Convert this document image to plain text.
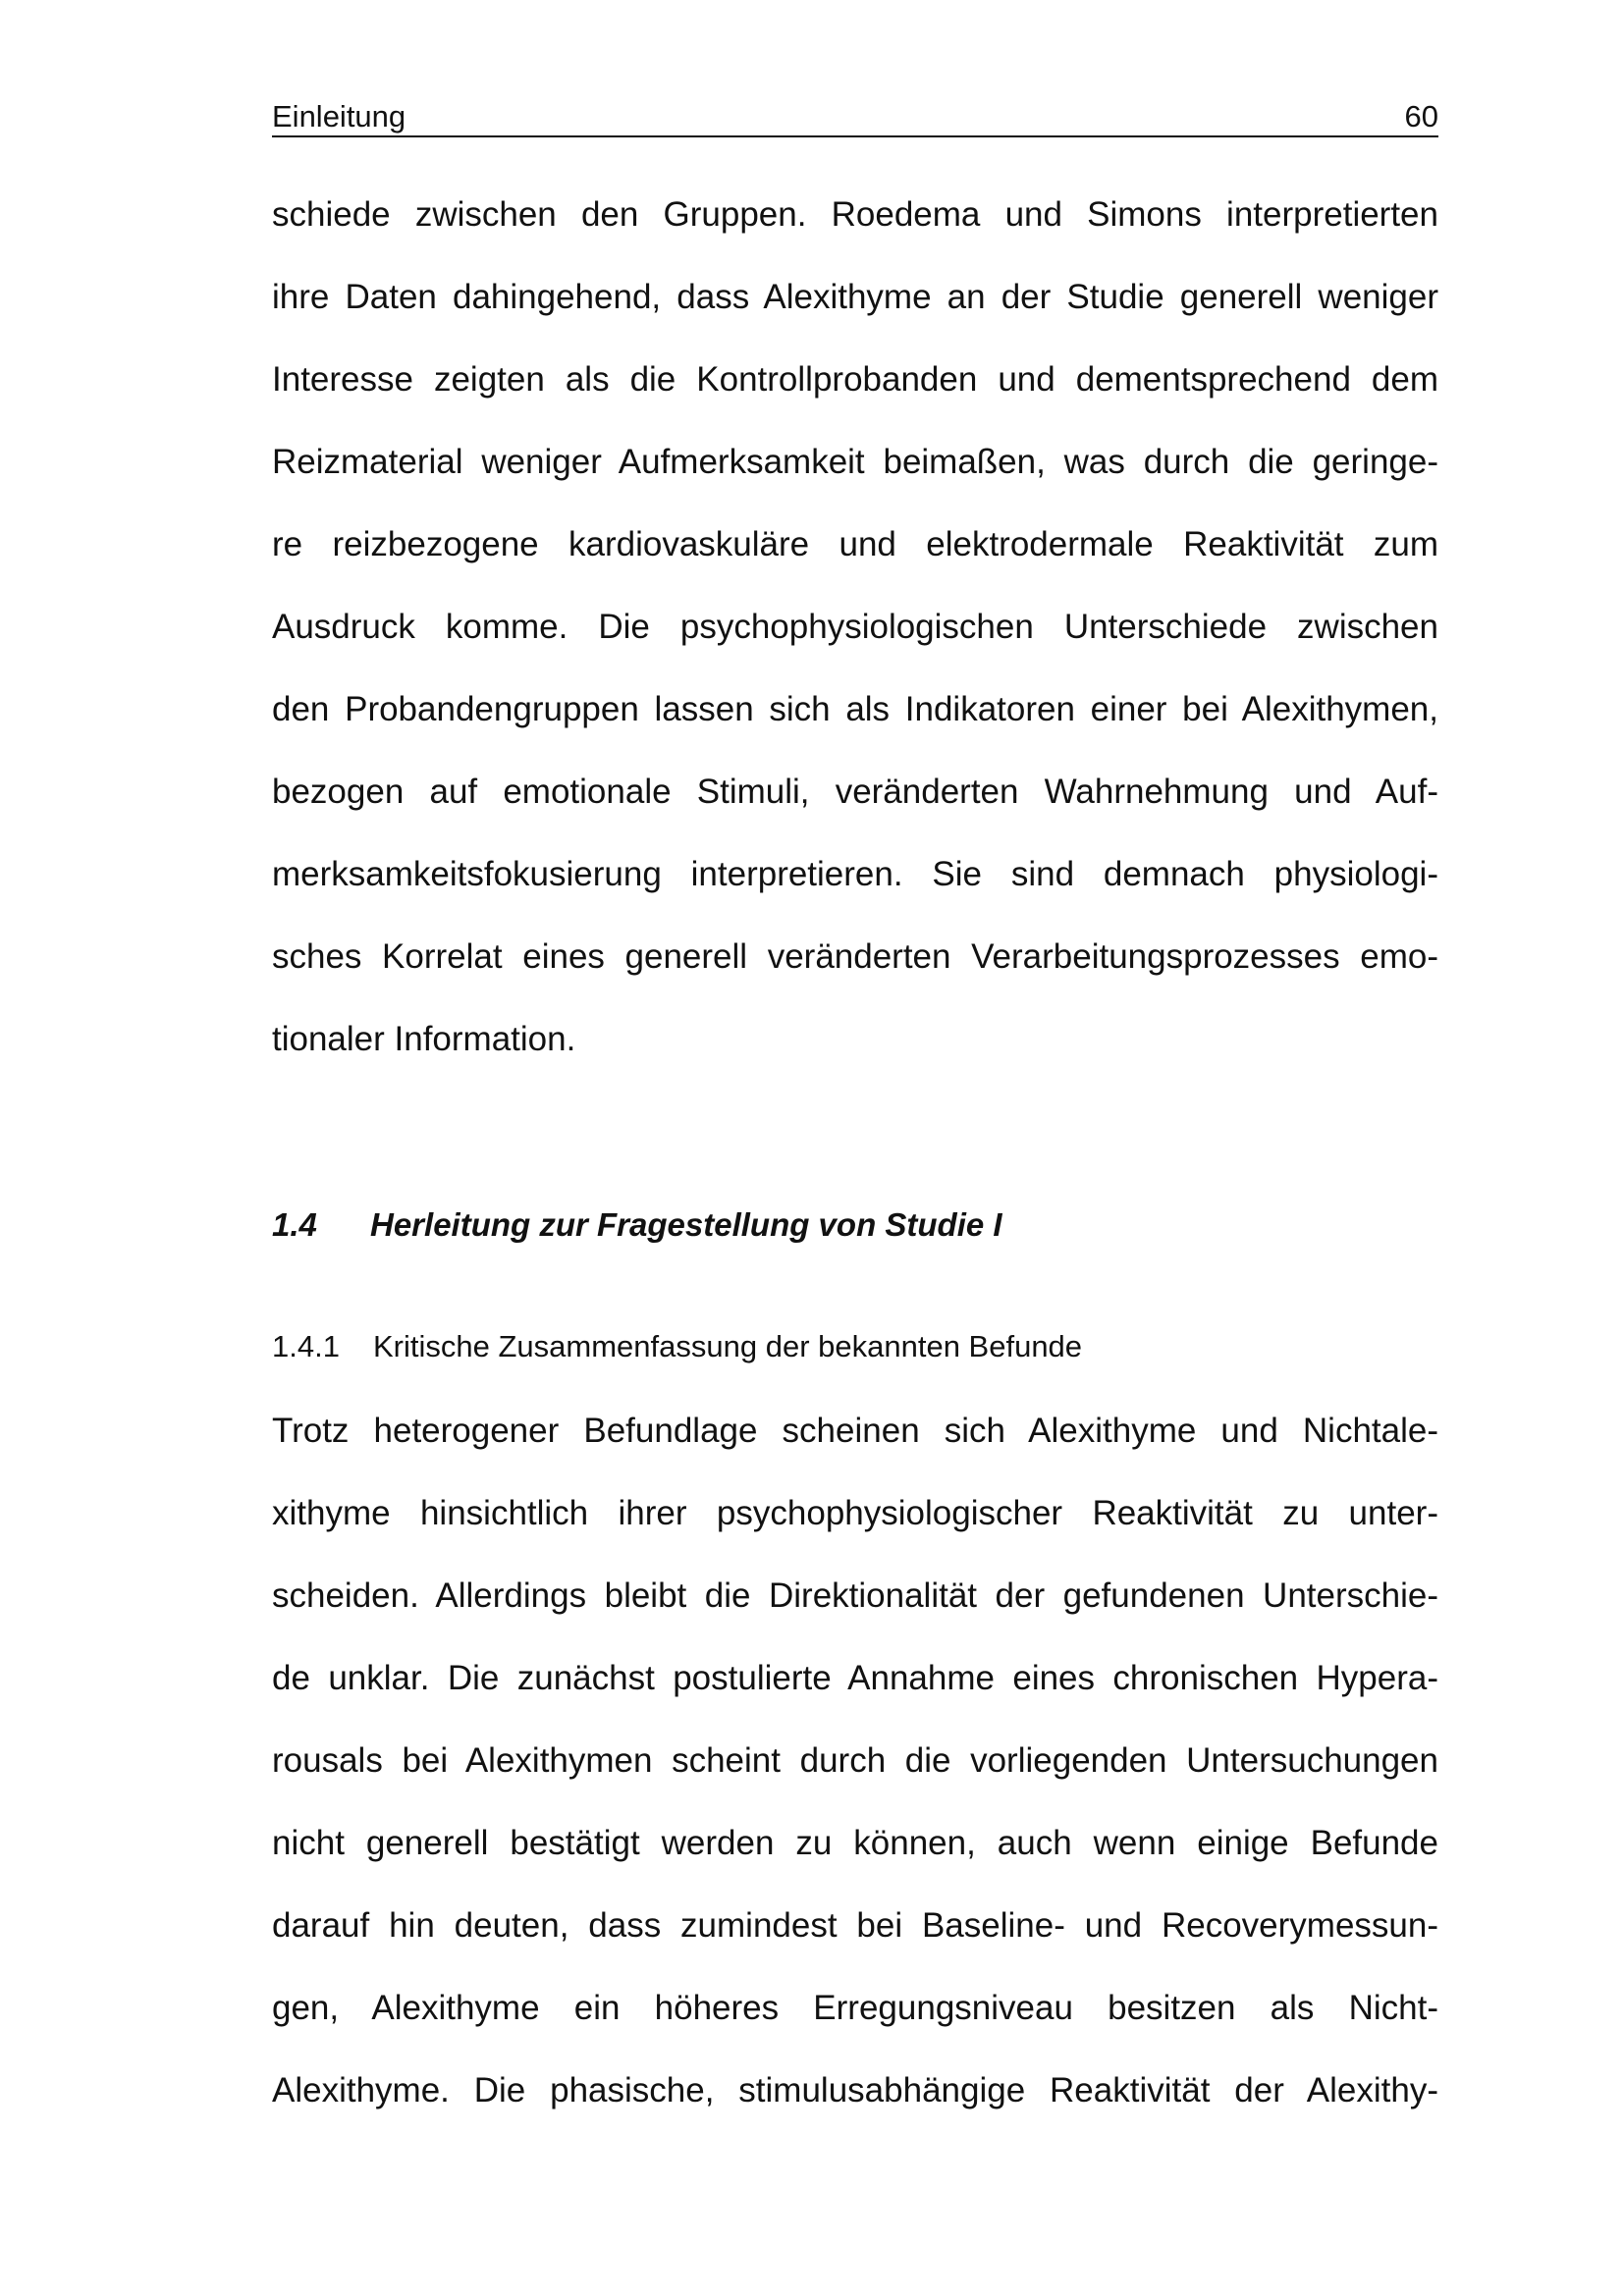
Einleitung	60
schiede zwischen den Gruppen. Roedema und Simons interpretierten
ihre Daten dahingehend, dass Alexithyme an der Studie generell weniger
Interesse zeigten als die Kontrollprobanden und dementsprechend dem
Reizmaterial weniger Aufmerksamkeit beimaßen, was durch die geringe-
re reizbezogene kardiovaskuläre und elektrodermale Reaktivität zum
Ausdruck komme. Die psychophysiologischen Unterschiede zwischen
den Probandengruppen lassen sich als Indikatoren einer bei Alexithymen,
bezogen auf emotionale Stimuli, veränderten Wahrnehmung und Auf-
merksamkeitsfokusierung interpretieren. Sie sind demnach physiologi-
sches Korrelat eines generell veränderten Verarbeitungsprozesses emo-
tionaler Information.
1.4 Herleitung zur Fragestellung von Studie I
1.4.1 Kritische Zusammenfassung der bekannten Befunde
Trotz heterogener Befundlage scheinen sich Alexithyme und Nichtale-
xithyme hinsichtlich ihrer psychophysiologischer Reaktivität zu unter-
scheiden. Allerdings bleibt die Direktionalität der gefundenen Unterschie-
de unklar. Die zunächst postulierte Annahme eines chronischen Hypera-
rousals bei Alexithymen scheint durch die vorliegenden Untersuchungen
nicht generell bestätigt werden zu können, auch wenn einige Befunde
darauf hin deuten, dass zumindest bei Baseline- und Recoverymessun-
gen, Alexithyme ein höheres Erregungsniveau besitzen als Nicht-
Alexithyme. Die phasische, stimulusabhängige Reaktivität der Alexithy-
